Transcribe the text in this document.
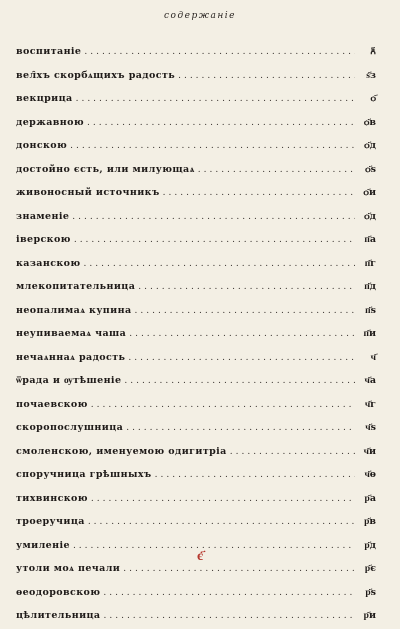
содержаніе
воспитаніе .....	ꙉ҃
вел̑хъ скорбѧщихъ радость .....	ѕ҃з
векцрица .....	ѻ҃
державною .....	ѻ҃в
донскою .....	ѻ҃д
достойно єсть, или милующаѧ .....	ѻ҃ѕ
живоносный источникъ .....	ѻ҃и
знаменіе .....	ѻ҃д
іверскою .....	п҃а
казанскою .....	п҃г
млекопитательница .....	п҃д
неопалимаѧ купина .....	п҃ѕ
неупиваемаѧ чаша .....	п҃и
нечаѧннаѧ радость .....	ч҃
ѿрада и ѹтѣшеніе .....	ч҃а
почаевскою .....	ч҃г
скоропослушница .....	ч҃ѕ
смоленскою, именуемою одигитріа .....	ч҃и
споручница грѣшныхъ .....	ч҃ѳ
тихвинскою .....	р҃а
троеручица .....	р҃в
умиленіе .....	р҃д
утоли моѧ печали .....	р҃є
ѳеодоровскою .....	р҃ѕ
цѣлительница .....	р҃и
є҃
